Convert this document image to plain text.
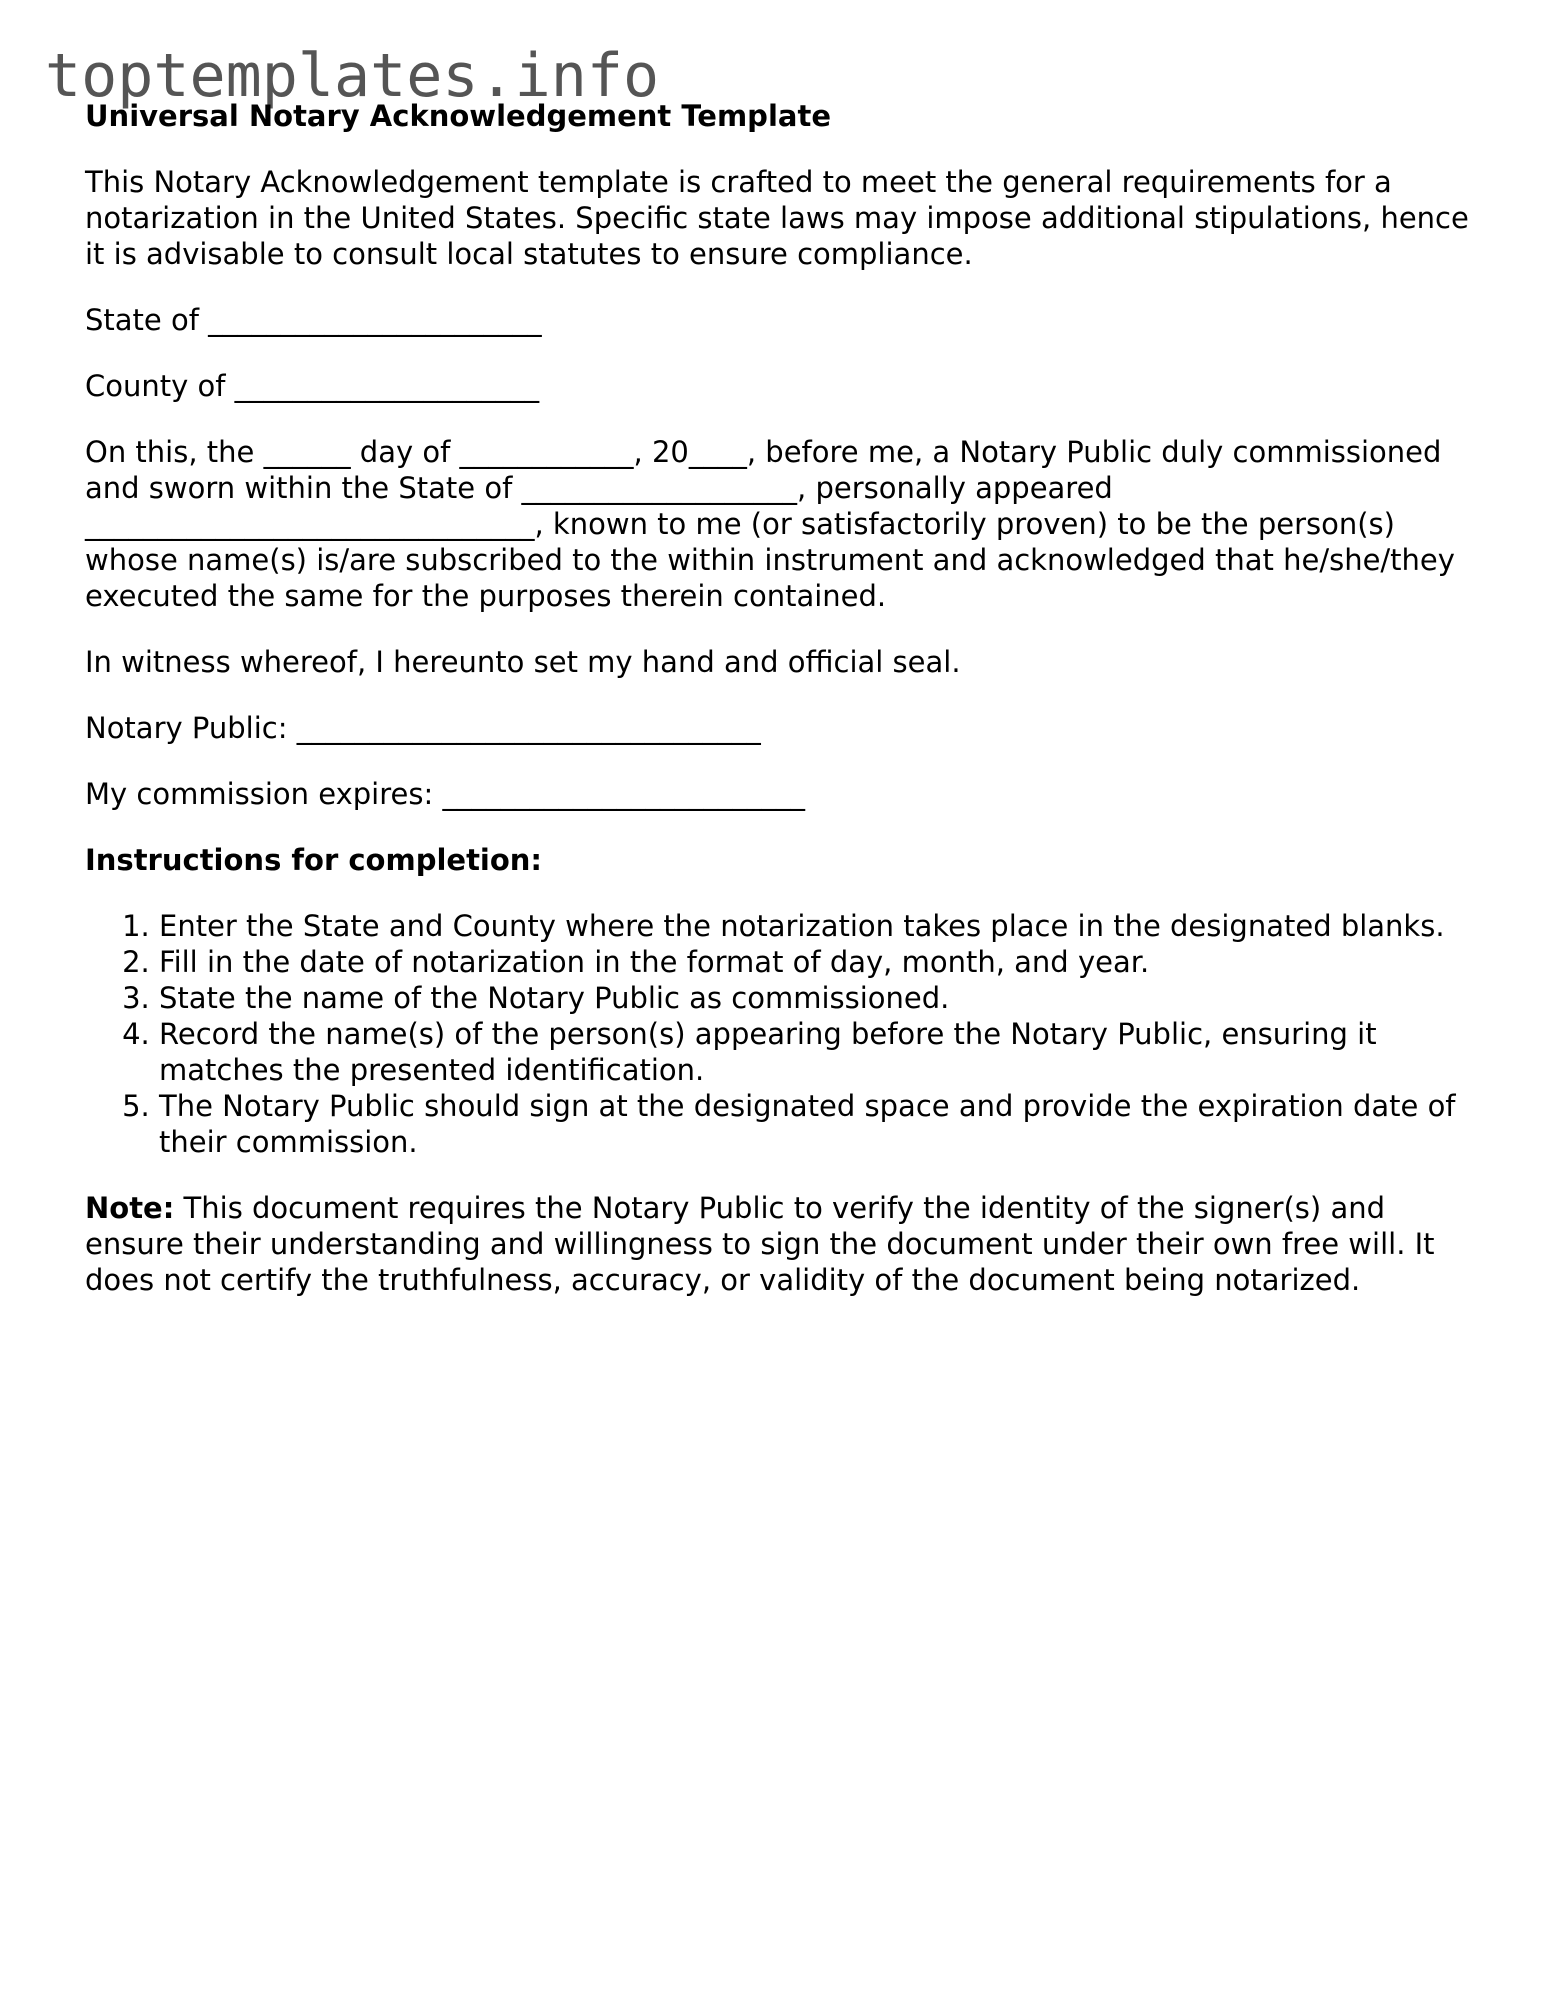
toptemplates.info
Universal Notary Acknowledgement Template

This Notary Acknowledgement template is crafted to meet the general requirements for a notarization in the United States. Specific state laws may impose additional stipulations, hence it is advisable to consult local statutes to ensure compliance.

State of _______________________
County of _____________________

On this, the ______ day of ____________, 20____, before me, a Notary Public duly commissioned and sworn within the State of ___________________, personally appeared _______________________________, known to me (or satisfactorily proven) to be the person(s) whose name(s) is/are subscribed to the within instrument and acknowledged that he/she/they executed the same for the purposes therein contained.

In witness whereof, I hereunto set my hand and official seal.

Notary Public: ________________________________
My commission expires: _________________________
Instructions for completion:
1. Enter the State and County where the notarization takes place in the designated blanks.
2. Fill in the date of notarization in the format of day, month, and year.
3. State the name of the Notary Public as commissioned.
4. Record the name(s) of the person(s) appearing before the Notary Public, ensuring it matches the presented identification.
5. The Notary Public should sign at the designated space and provide the expiration date of their commission.

Note: This document requires the Notary Public to verify the identity of the signer(s) and ensure their understanding and willingness to sign the document under their own free will. It does not certify the truthfulness, accuracy, or validity of the document being notarized.
